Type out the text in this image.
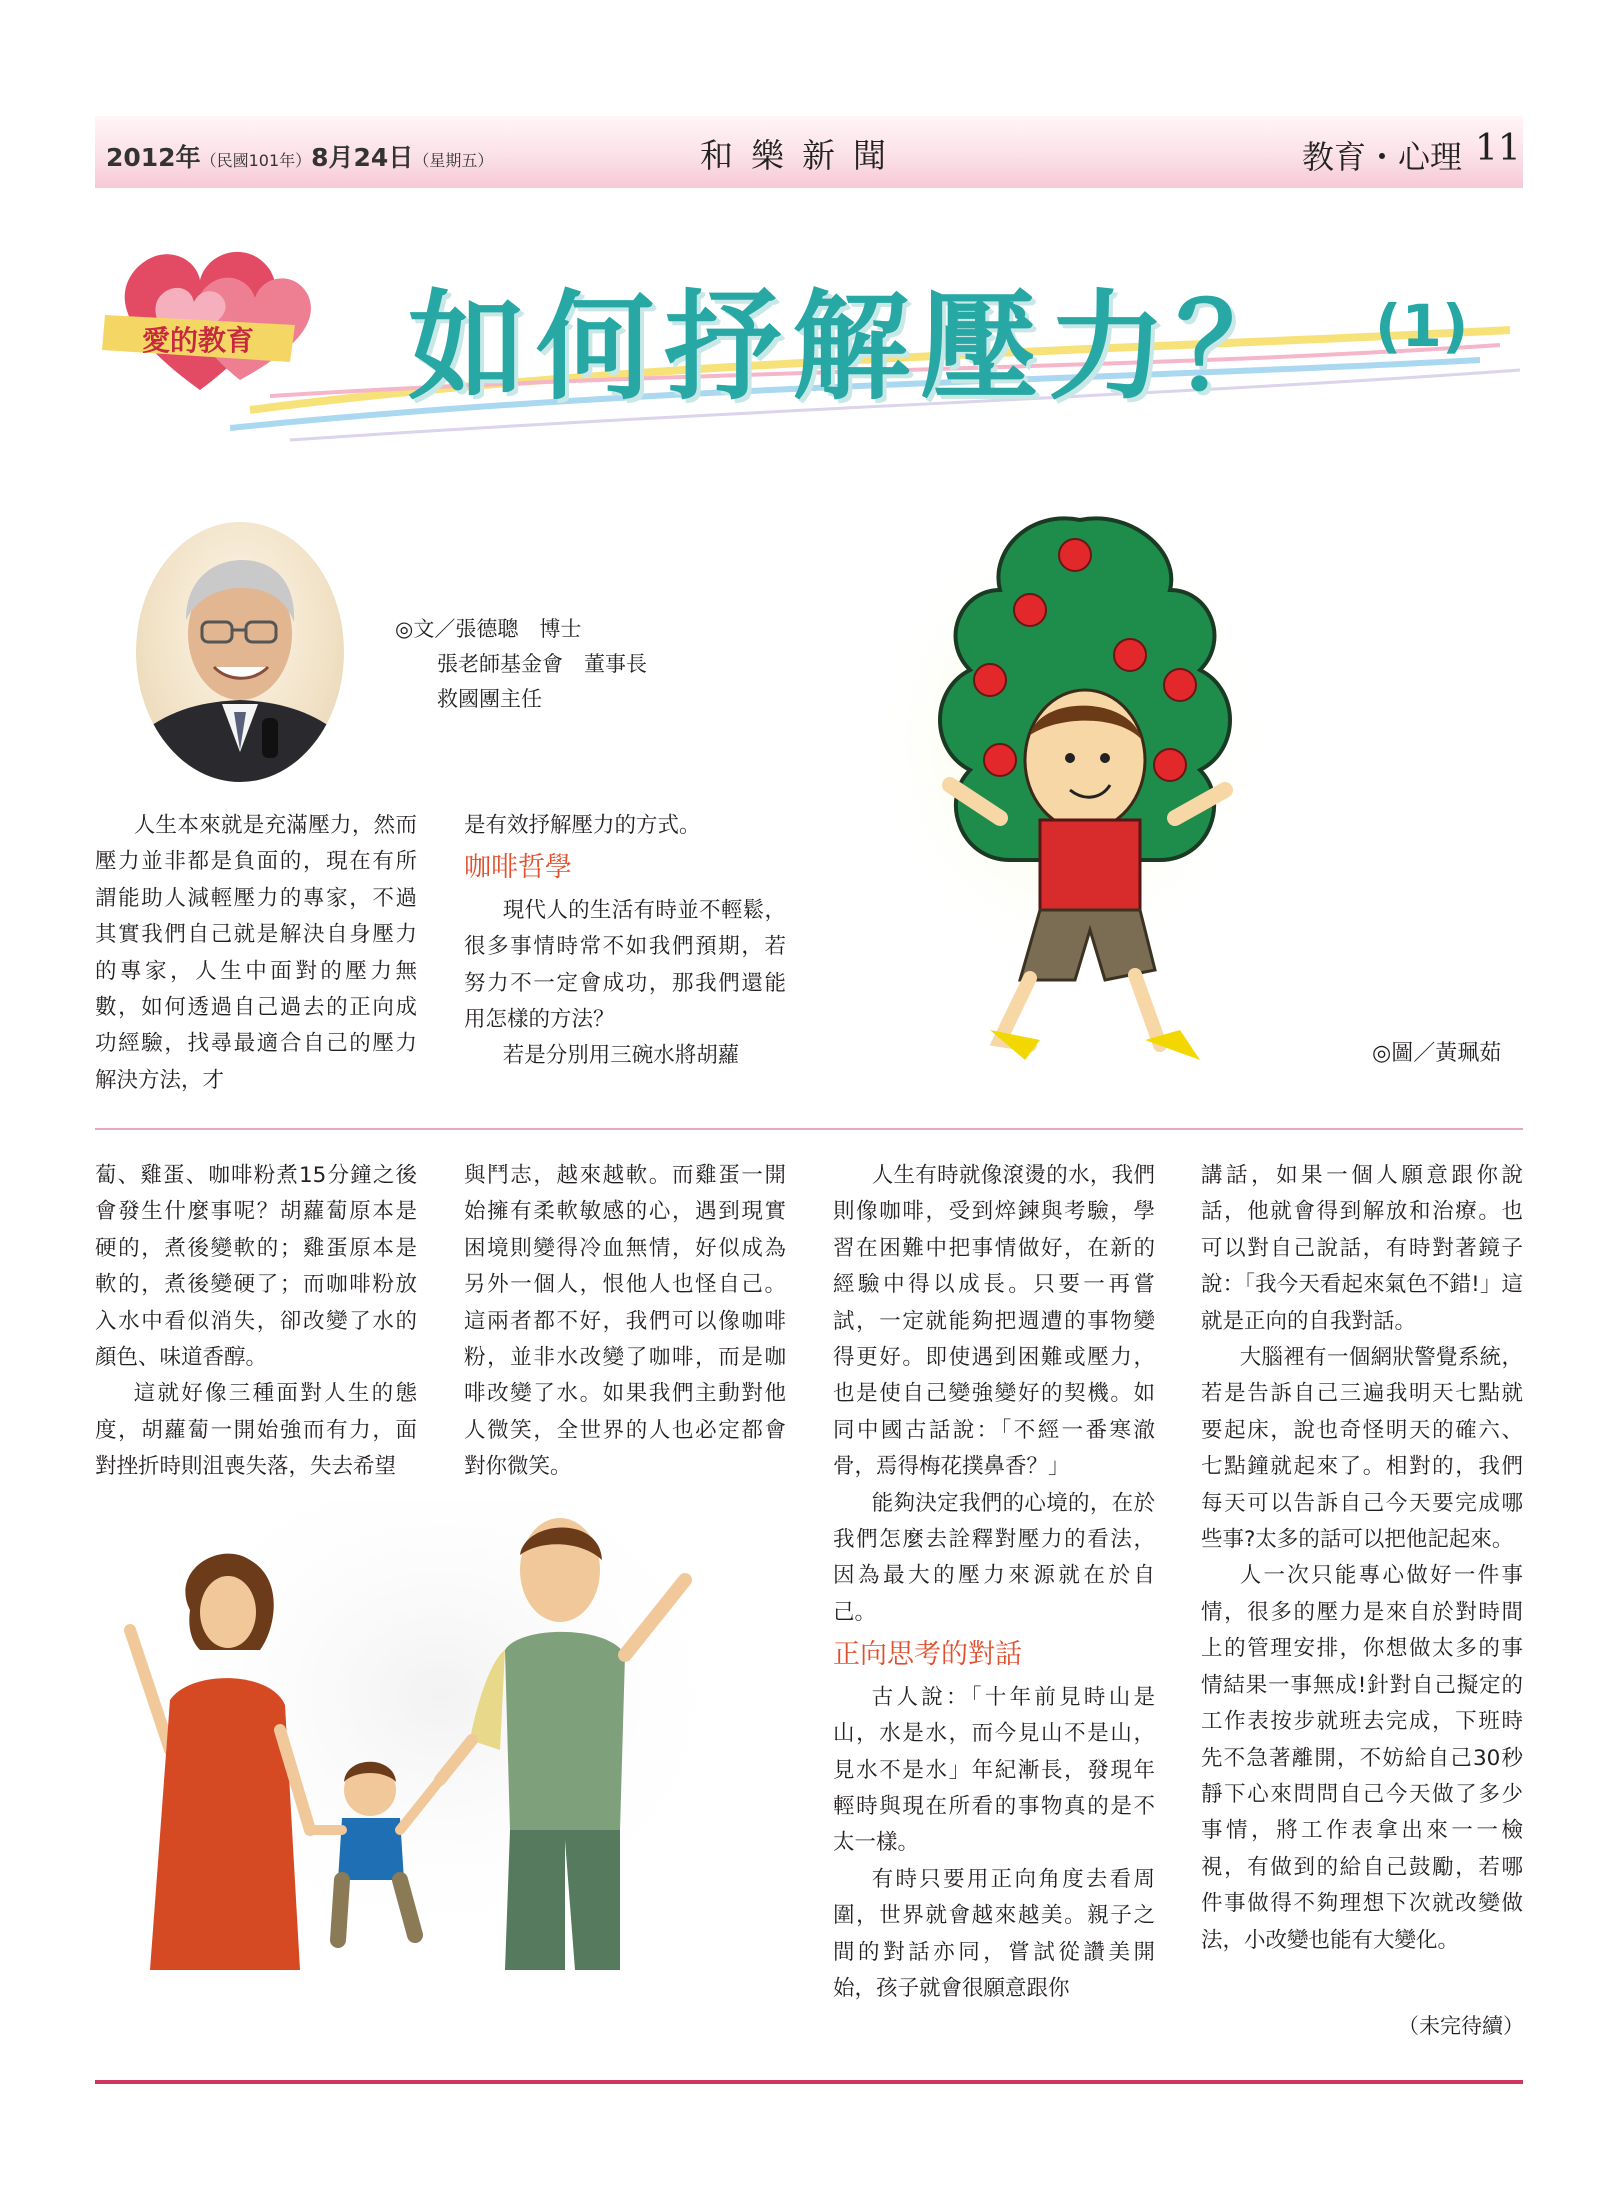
2012年（民國101年）8月24日（星期五）	和樂新聞	教育・心理 11
愛的教育 如何抒解壓力？ (1)
◎文／張德聰　博士
　　張老師基金會　董事長
　　救國團主任
◎圖／黃珮茹

人生本來就是充滿壓力，然而壓力並非都是負面的，現在有所謂能助人減輕壓力的專家，不過其實我們自己就是解決自身壓力的專家，人生中面對的壓力無數，如何透過自己過去的正向成功經驗，找尋最適合自己的壓力解決方法，才

是有效抒解壓力的方式。

咖啡哲學

現代人的生活有時並不輕鬆，很多事情時常不如我們預期，若努力不一定會成功，那我們還能用怎樣的方法？

若是分別用三碗水將胡蘿

蔔、雞蛋、咖啡粉煮15分鐘之後會發生什麼事呢？胡蘿蔔原本是硬的，煮後變軟的；雞蛋原本是軟的，煮後變硬了；而咖啡粉放入水中看似消失，卻改變了水的顏色、味道香醇。

這就好像三種面對人生的態度，胡蘿蔔一開始強而有力，面對挫折時則沮喪失落，失去希望

與鬥志，越來越軟。而雞蛋一開始擁有柔軟敏感的心，遇到現實困境則變得冷血無情，好似成為另外一個人，恨他人也怪自己。這兩者都不好，我們可以像咖啡粉，並非水改變了咖啡，而是咖啡改變了水。如果我們主動對他人微笑，全世界的人也必定都會對你微笑。

人生有時就像滾燙的水，我們則像咖啡，受到焠鍊與考驗，學習在困難中把事情做好，在新的經驗中得以成長。只要一再嘗試，一定就能夠把週遭的事物變得更好。即使遇到困難或壓力，也是使自己變強變好的契機。如同中國古話說：「不經一番寒澈骨，焉得梅花撲鼻香？」

能夠決定我們的心境的，在於我們怎麼去詮釋對壓力的看法，因為最大的壓力來源就在於自己。

正向思考的對話

古人說：「十年前見時山是山，水是水，而今見山不是山，見水不是水」年紀漸長，發現年輕時與現在所看的事物真的是不太一樣。

有時只要用正向角度去看周圍，世界就會越來越美。親子之間的對話亦同，嘗試從讚美開始，孩子就會很願意跟你

講話，如果一個人願意跟你說話，他就會得到解放和治療。也可以對自己說話，有時對著鏡子說：「我今天看起來氣色不錯!」這就是正向的自我對話。

大腦裡有一個網狀警覺系統，若是告訴自己三遍我明天七點就要起床，說也奇怪明天的確六、七點鐘就起來了。相對的，我們每天可以告訴自己今天要完成哪些事?太多的話可以把他記起來。

人一次只能專心做好一件事情，很多的壓力是來自於對時間上的管理安排，你想做太多的事情結果一事無成!針對自己擬定的工作表按步就班去完成，下班時先不急著離開，不妨給自己30秒靜下心來問問自己今天做了多少事情，將工作表拿出來一一檢視，有做到的給自己鼓勵，若哪件事做得不夠理想下次就改變做法，小改變也能有大變化。

（未完待續）
